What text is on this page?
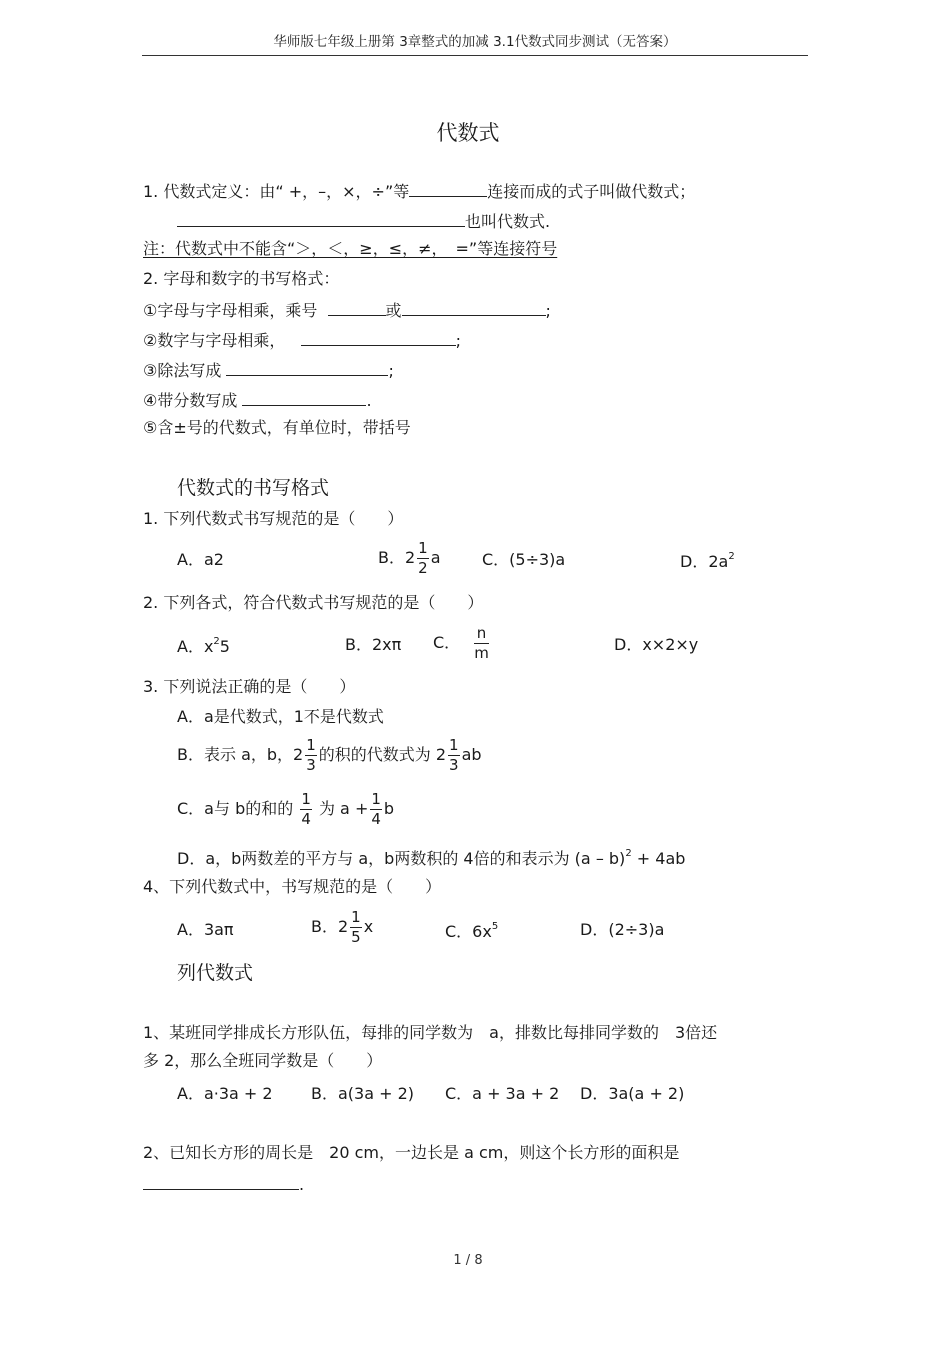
华师版七年级上册第 3章整式的加减 3.1代数式同步测试（无答案）
代数式
1. 代数式定义：由“ +，–，×，÷”等	连接而成的式子叫做代数式；
也叫代数式.
注：代数式中不能含“＞，＜，≥，≤，≠，　=”等连接符号
2. 字母和数字的书写格式：
①字母与字母相乘，乘号	或	;
②数字与字母相乘，	;
③除法写成	;
④带分数写成	.
⑤含±号的代数式，有单位时，带括号
代数式的书写格式
1. 下列代数式书写规范的是（　　）
A．a2	B．$2 \frac{1}{2}$ a	C．(5÷3)a	D．$2a^2$
2. 下列各式，符合代数式书写规范的是（　　）
A．$x^25$	B．2xπ C． $\frac{n}{m}$	D．x×2×y
3. 下列说法正确的是（　　）
A．a是代数式，1不是代数式
B．表示 a，b，$2 \frac{1}{3}$ 的积的代数式为 $2 \frac{1}{3}$ ab
C．a与 b的和的 $\frac{1}{4}$ 为 $a + \frac{1}{4}$ b
D．a，b两数差的平方与 a，b两数积的 4倍的和表示为 (a – b)$^2$ + 4ab
4、下列代数式中，书写规范的是（　　）
A．3aπ	B．$2 \frac{1}{5}$ x	C．$6x^5$	D．(2÷3)a
列代数式
1、某班同学排成长方形队伍，每排的同学数为　a，排数比每排同学数的　3倍还
多 2，那么全班同学数是（　　）
A．a·3a + 2 B．a(3a + 2) C．a + 3a + 2 D．3a(a + 2)
2、已知长方形的周长是　20 cm，一边长是 a cm，则这个长方形的面积是
.
1 / 8
